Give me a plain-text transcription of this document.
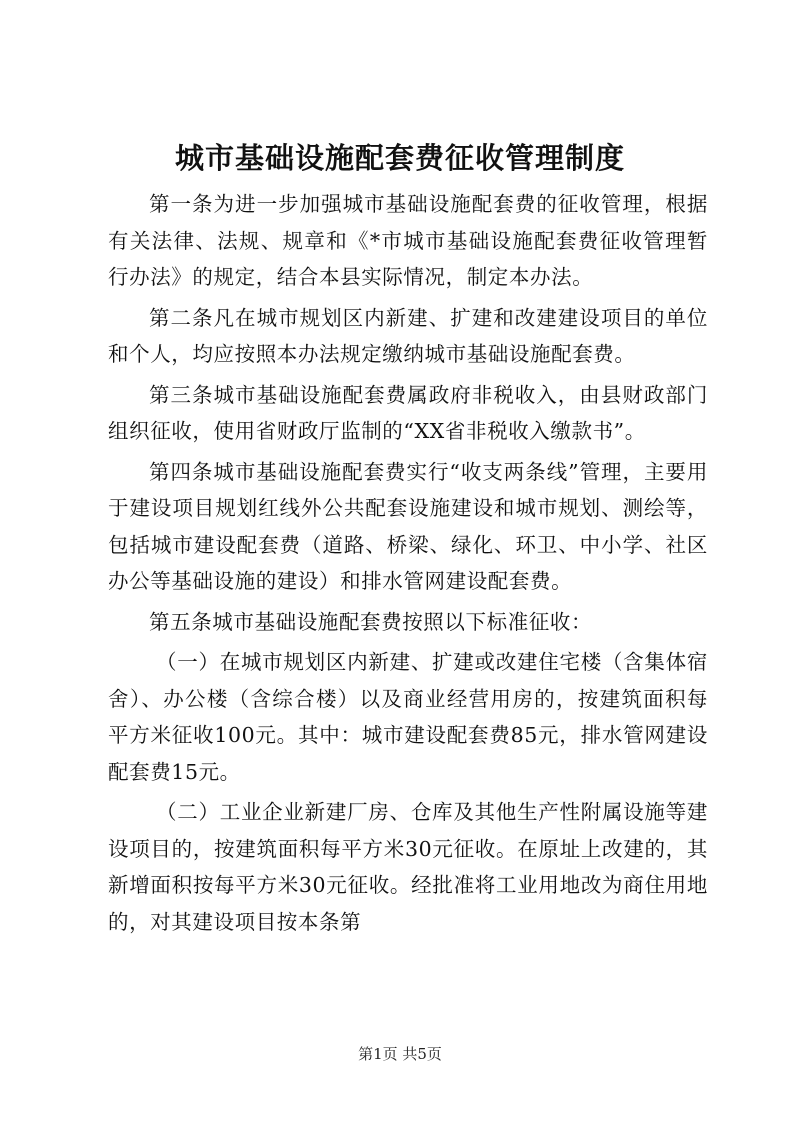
城市基础设施配套费征收管理制度

第一条为进一步加强城市基础设施配套费的征收管理，根据有关法律、法规、规章和《*市城市基础设施配套费征收管理暂行办法》的规定，结合本县实际情况，制定本办法。

第二条凡在城市规划区内新建、扩建和改建建设项目的单位和个人，均应按照本办法规定缴纳城市基础设施配套费。

第三条城市基础设施配套费属政府非税收入，由县财政部门组织征收，使用省财政厅监制的“XX省非税收入缴款书”。

第四条城市基础设施配套费实行“收支两条线”管理，主要用于建设项目规划红线外公共配套设施建设和城市规划、测绘等，包括城市建设配套费（道路、桥梁、绿化、环卫、中小学、社区办公等基础设施的建设）和排水管网建设配套费。

第五条城市基础设施配套费按照以下标准征收：

（一）在城市规划区内新建、扩建或改建住宅楼（含集体宿舍）、办公楼（含综合楼）以及商业经营用房的，按建筑面积每平方米征收100元。其中：城市建设配套费85元，排水管网建设配套费15元。

（二）工业企业新建厂房、仓库及其他生产性附属设施等建设项目的，按建筑面积每平方米30元征收。在原址上改建的，其新增面积按每平方米30元征收。经批准将工业用地改为商住用地的，对其建设项目按本条第

第1页 共5页
